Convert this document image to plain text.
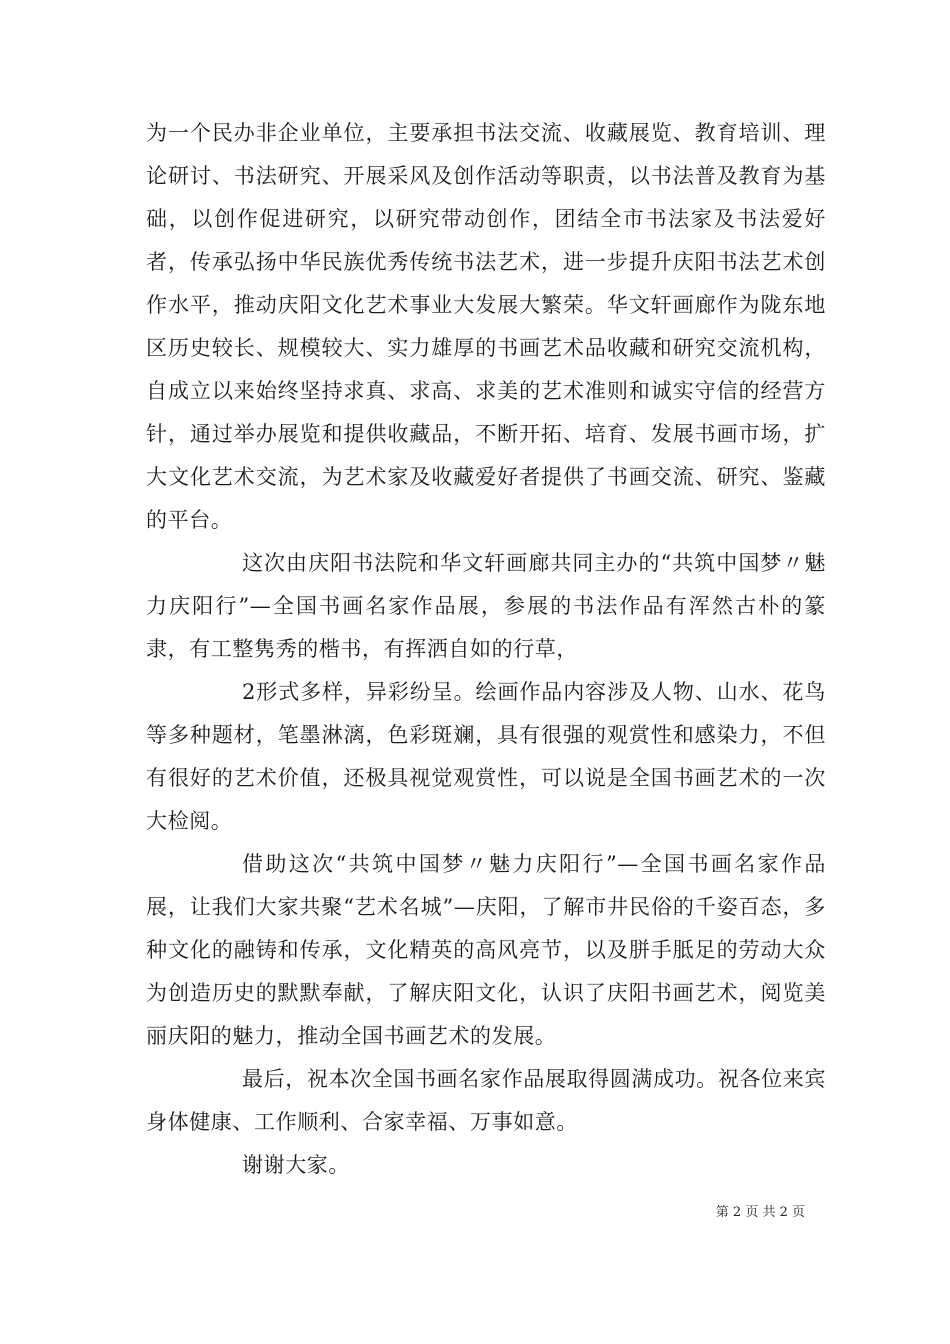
为一个民办非企业单位，主要承担书法交流、收藏展览、教育培训、理论研讨、书法研究、开展采风及创作活动等职责，以书法普及教育为基础，以创作促进研究，以研究带动创作，团结全市书法家及书法爱好者，传承弘扬中华民族优秀传统书法艺术，进一步提升庆阳书法艺术创作水平，推动庆阳文化艺术事业大发展大繁荣。华文轩画廊作为陇东地区历史较长、规模较大、实力雄厚的书画艺术品收藏和研究交流机构，自成立以来始终坚持求真、求高、求美的艺术准则和诚实守信的经营方针，通过举办展览和提供收藏品，不断开拓、培育、发展书画市场，扩大文化艺术交流，为艺术家及收藏爱好者提供了书画交流、研究、鉴藏的平台。

这次由庆阳书法院和华文轩画廊共同主办的“共筑中国梦〃魅力庆阳行”—全国书画名家作品展，参展的书法作品有浑然古朴的篆隶，有工整隽秀的楷书，有挥洒自如的行草，

2形式多样，异彩纷呈。绘画作品内容涉及人物、山水、花鸟等多种题材，笔墨淋漓，色彩斑斓，具有很强的观赏性和感染力，不但有很好的艺术价值，还极具视觉观赏性，可以说是全国书画艺术的一次大检阅。

借助这次“共筑中国梦〃魅力庆阳行”—全国书画名家作品展，让我们大家共聚“艺术名城”—庆阳，了解市井民俗的千姿百态，多种文化的融铸和传承，文化精英的高风亮节，以及胼手胝足的劳动大众为创造历史的默默奉献，了解庆阳文化，认识了庆阳书画艺术，阅览美丽庆阳的魅力，推动全国书画艺术的发展。

最后，祝本次全国书画名家作品展取得圆满成功。祝各位来宾身体健康、工作顺利、合家幸福、万事如意。

谢谢大家。

第 2 页 共 2 页
